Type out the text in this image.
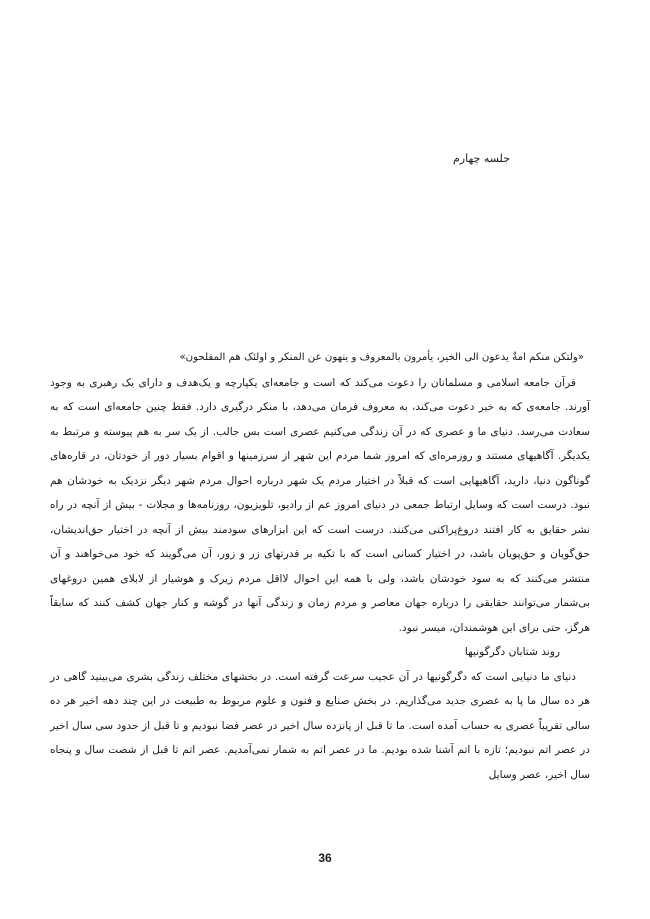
جلسه چهارم

«ولتکن منکم امةٌ یدعون الی الخیر، یأمرون بالمعروف و ینهون عن المنکر و اولئک هم المفلحون»

قرآن جامعه اسلامی و مسلمانان را دعوت می‌کند که است و جامعه‌ای یکپارچه و یک‌هدف و دارای یک رهبری به وجود آورند. جامعه‌ی که به خیر دعوت می‌کند، به معروف فرمان می‌دهد، با منکر درگیری دارد. فقط چنین جامعه‌ای است که به سعادت می‌رسد. دنیای ما و عصری که در آن زندگی می‌کنیم عصری است بس جالب. از یک سر به هم پیوسته و مرتبط به یکدیگر. آگاهیهای مستند و روزمره‌ای که امروز شما مردم این شهر از سرزمینها و اقوام بسیار دور از خودتان، در قاره‌های گوناگون دنیا، دارید، آگاهیهایی است که قبلاً در اختیار مردم یک شهر درباره احوال مردم شهر دیگر نزدیک به خودشان هم نبود. درست است که وسایل ارتباط جمعی در دنیای امروز عم از رادیو، تلویزیون، روزنامه‌ها و مجلات - بیش از آنچه در راه نشر حقایق به کار افتند دروغ‌پراکنی می‌کنند. درست است که این ابزارهای سودمند بیش از آنچه در اختیار حق‌اندیشان، حق‌گویان و حق‌پویان باشد، در اختیار کسانی است که با تکیه بر قدرتهای زر و زور، آن می‌گویند که خود می‌خواهند و آن منتشر می‌کنند که به سود خودشان باشد، ولی با همه این احوال لااقل مردم زیرک و هوشیار از لابلای همین دروغهای بی‌شمار می‌توانند حقایقی را درباره جهان معاصر و مردم زمان و زندگی آنها در گوشه و کنار جهان کشف کنند که سابقاً هرگز، حتی برای این هوشمندان، میسر نبود.

روند شتابان دگرگونیها

دنیای ما دنیایی است که دگرگونیها در آن عجیب سرعت گرفته است. در بخشهای مختلف زندگی بشری می‌بینید گاهی در هر ده سال ما پا به عصری جدید می‌گذاریم. در بخش صنایع و فنون و علوم مربوط به طبیعت در این چند دهه اخیر هر ده سالی تقریباً عصری به حساب آمده است. ما تا قبل از پانزده سال اخیر در عصر فضا نبودیم و تا قبل از حدود سی سال اخیر در عصر اتم نبودیم؛ تازه با اتم آشنا شده بودیم. ما در عصر اتم به شمار نمی‌آمدیم. عصر اتم تا قبل از شصت سال و پنجاه سال اخیر، عصر وسایل

36
